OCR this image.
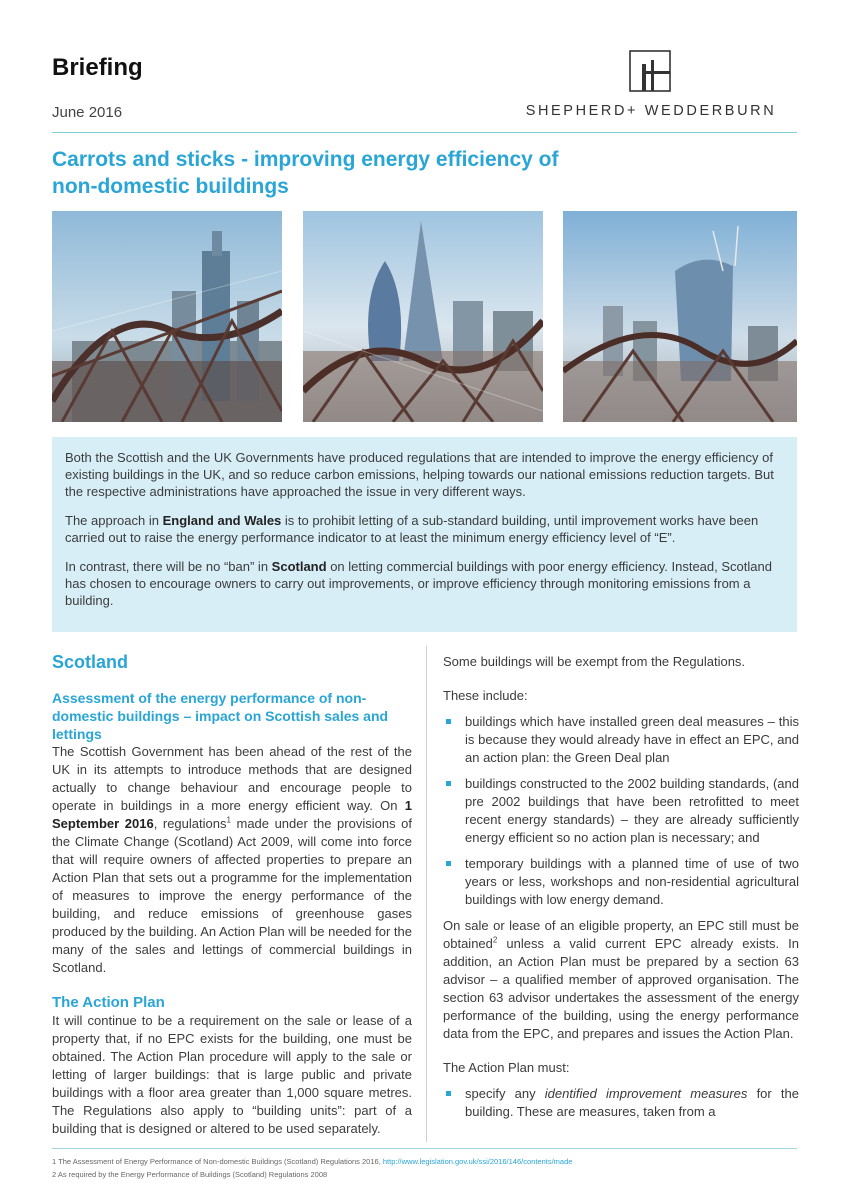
Briefing
June 2016	SHEPHERD+ WEDDERBURN
Carrots and sticks - improving energy efficiency of
non-domestic buildings

Both the Scottish and the UK Governments have produced regulations that are intended to improve the energy efficiency of existing buildings in the UK, and so reduce carbon emissions, helping towards our national emissions reduction targets. But the respective administrations have approached the issue in very different ways.

The approach in England and Wales is to prohibit letting of a sub-standard building, until improvement works have been carried out to raise the energy performance indicator to at least the minimum energy efficiency level of “E”.

In contrast, there will be no “ban” in Scotland on letting commercial buildings with poor energy efficiency. Instead, Scotland has chosen to encourage owners to carry out improvements, or improve efficiency through monitoring emissions from a building.

Scotland
Assessment of the energy performance of non-domestic buildings – impact on Scottish sales and lettings

The Scottish Government has been ahead of the rest of the UK in its attempts to introduce methods that are designed actually to change behaviour and encourage people to operate in buildings in a more energy efficient way. On 1 September 2016, regulations$^1$ made under the provisions of the Climate Change (Scotland) Act 2009, will come into force that will require owners of affected properties to prepare an Action Plan that sets out a programme for the implementation of measures to improve the energy performance of the building, and reduce emissions of greenhouse gases produced by the building. An Action Plan will be needed for the many of the sales and lettings of commercial buildings in Scotland.

The Action Plan

It will continue to be a requirement on the sale or lease of a property that, if no EPC exists for the building, one must be obtained. The Action Plan procedure will apply to the sale or letting of larger buildings: that is large public and private buildings with a floor area greater than 1,000 square metres. The Regulations also apply to “building units”: part of a building that is designed or altered to be used separately.

Some buildings will be exempt from the Regulations.

These include:

buildings which have installed green deal measures – this is because they would already have in effect an EPC, and an action plan: the Green Deal plan
buildings constructed to the 2002 building standards, (and pre 2002 buildings that have been retrofitted to meet recent energy standards) – they are already sufficiently energy efficient so no action plan is necessary; and
temporary buildings with a planned time of use of two years or less, workshops and non-residential agricultural buildings with low energy demand.

On sale or lease of an eligible property, an EPC still must be obtained$^2$ unless a valid current EPC already exists. In addition, an Action Plan must be prepared by a section 63 advisor – a qualified member of approved organisation. The section 63 advisor undertakes the assessment of the energy performance of the building, using the energy performance data from the EPC, and prepares and issues the Action Plan.

The Action Plan must:

specify any identified improvement measures for the building. These are measures, taken from a
1 The Assessment of Energy Performance of Non-domestic Buildings (Scotland) Regulations 2016, http://www.legislation.gov.uk/ssi/2016/146/contents/made
2 As required by the Energy Performance of Buildings (Scotland) Regulations 2008
